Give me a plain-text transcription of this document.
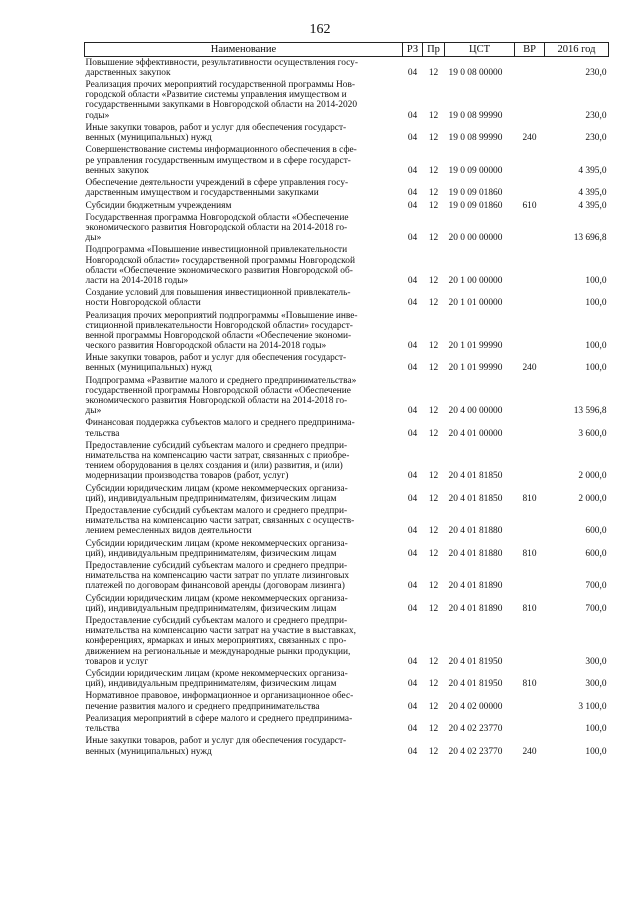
162
Наименование	РЗ	Пр	ЦСТ	ВР	2016 год
Повышение эффективности, результативности осуществления госу-
дарственных закупок	04	12	19 0 08 00000		230,0
Реализация прочих мероприятий государственной программы Нов-
городской области «Развитие системы управления имуществом и
государственными закупками в Новгородской области на 2014-2020
годы»	04	12	19 0 08 99990		230,0
Иные закупки товаров, работ и услуг для обеспечения государст-
венных (муниципальных) нужд	04	12	19 0 08 99990	240	230,0
Совершенствование системы информационного обеспечения в сфе-
ре управления государственным имуществом и в сфере государст-
венных закупок	04	12	19 0 09 00000		4 395,0
Обеспечение деятельности учреждений в сфере управления госу-
дарственным имуществом и государственными закупками	04	12	19 0 09 01860		4 395,0
Субсидии бюджетным учреждениям	04	12	19 0 09 01860	610	4 395,0
Государственная программа Новгородской области «Обеспечение
экономического развития Новгородской области на 2014-2018 го-
ды»	04	12	20 0 00 00000		13 696,8
Подпрограмма «Повышение инвестиционной привлекательности
Новгородской области» государственной программы Новгородской
области «Обеспечение экономического развития Новгородской об-
ласти на 2014-2018 годы»	04	12	20 1 00 00000		100,0
Создание условий для повышения инвестиционной привлекатель-
ности Новгородской области	04	12	20 1 01 00000		100,0
Реализация прочих мероприятий подпрограммы «Повышение инве-
стиционной привлекательности Новгородской области» государст-
венной программы Новгородской области «Обеспечение экономи-
ческого развития Новгородской области на 2014-2018 годы»	04	12	20 1 01 99990		100,0
Иные закупки товаров, работ и услуг для обеспечения государст-
венных (муниципальных) нужд	04	12	20 1 01 99990	240	100,0
Подпрограмма «Развитие малого и среднего предпринимательства»
государственной программы Новгородской области «Обеспечение
экономического развития Новгородской области на 2014-2018 го-
ды»	04	12	20 4 00 00000		13 596,8
Финансовая поддержка субъектов малого и среднего предпринима-
тельства	04	12	20 4 01 00000		3 600,0
Предоставление субсидий субъектам малого и среднего предпри-
нимательства на компенсацию части затрат, связанных с приобре-
тением оборудования в целях создания и (или) развития, и (или)
модернизации производства товаров (работ, услуг)	04	12	20 4 01 81850		2 000,0
Субсидии юридическим лицам (кроме некоммерческих организа-
ций), индивидуальным предпринимателям, физическим лицам	04	12	20 4 01 81850	810	2 000,0
Предоставление субсидий субъектам малого и среднего предпри-
нимательства на компенсацию части затрат, связанных с осуществ-
лением ремесленных видов деятельности	04	12	20 4 01 81880		600,0
Субсидии юридическим лицам (кроме некоммерческих организа-
ций), индивидуальным предпринимателям, физическим лицам	04	12	20 4 01 81880	810	600,0
Предоставление субсидий субъектам малого и среднего предпри-
нимательства на компенсацию части затрат по уплате лизинговых
платежей по договорам финансовой аренды (договорам лизинга)	04	12	20 4 01 81890		700,0
Субсидии юридическим лицам (кроме некоммерческих организа-
ций), индивидуальным предпринимателям, физическим лицам	04	12	20 4 01 81890	810	700,0
Предоставление субсидий субъектам малого и среднего предпри-
нимательства на компенсацию части затрат на участие в выставках,
конференциях, ярмарках и иных мероприятиях, связанных с про-
движением на региональные и международные рынки продукции,
товаров и услуг	04	12	20 4 01 81950		300,0
Субсидии юридическим лицам (кроме некоммерческих организа-
ций), индивидуальным предпринимателям, физическим лицам	04	12	20 4 01 81950	810	300,0
Нормативное правовое, информационное и организационное обес-
печение развития малого и среднего предпринимательства	04	12	20 4 02 00000		3 100,0
Реализация мероприятий в сфере малого и среднего предпринима-
тельства	04	12	20 4 02 23770		100,0
Иные закупки товаров, работ и услуг для обеспечения государст-
венных (муниципальных) нужд	04	12	20 4 02 23770	240	100,0
